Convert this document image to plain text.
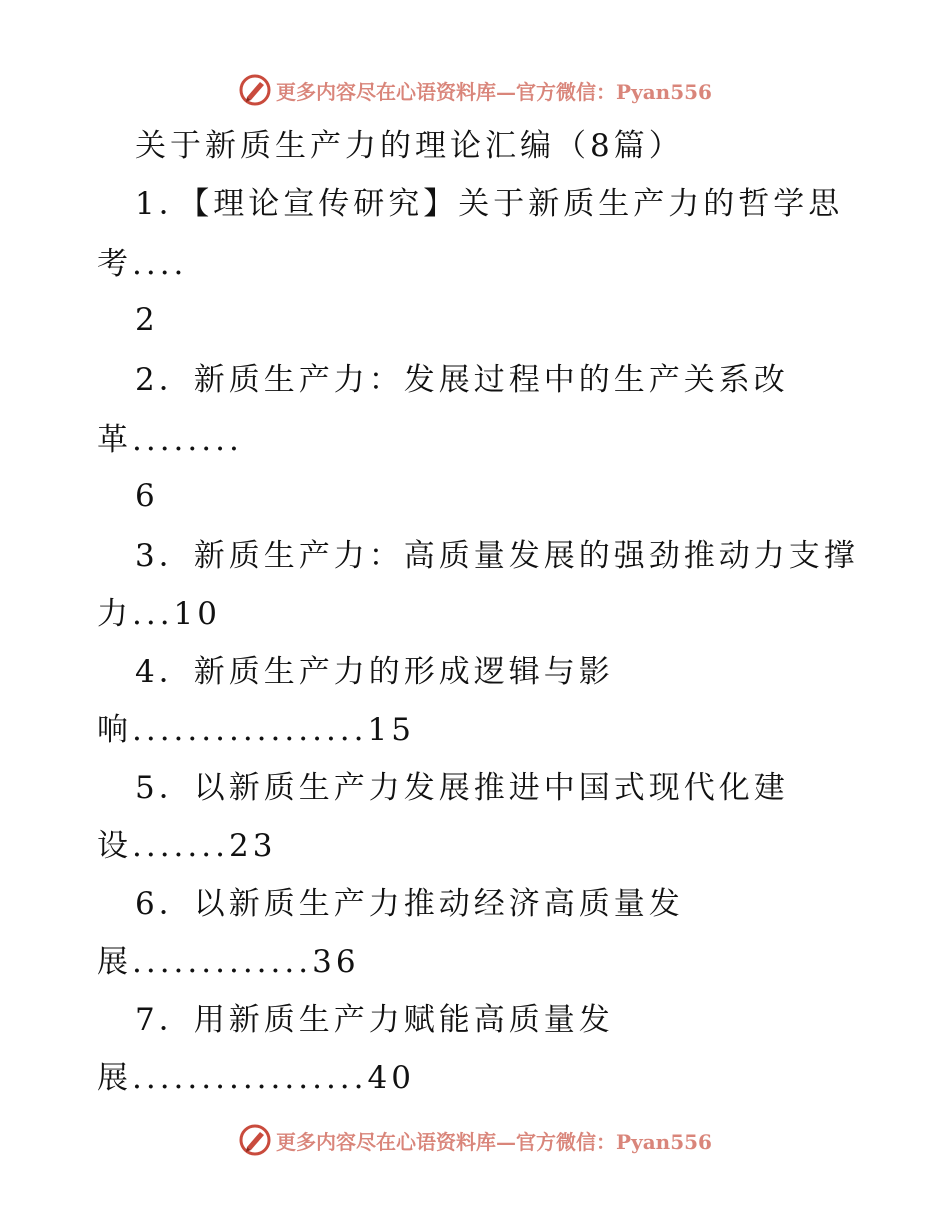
更多内容尽在心语资料库—官方微信：Pyan556
关于新质生产力的理论汇编（8篇）
1．【理论宣传研究】关于新质生产力的哲学思
考....
2
2．新质生产力：发展过程中的生产关系改
革........
6
3．新质生产力：高质量发展的强劲推动力支撑
力...10
4．新质生产力的形成逻辑与影
响.................15
5．以新质生产力发展推进中国式现代化建
设.......23
6．以新质生产力推动经济高质量发
展.............36
7．用新质生产力赋能高质量发
展.................40
更多内容尽在心语资料库—官方微信：Pyan556
